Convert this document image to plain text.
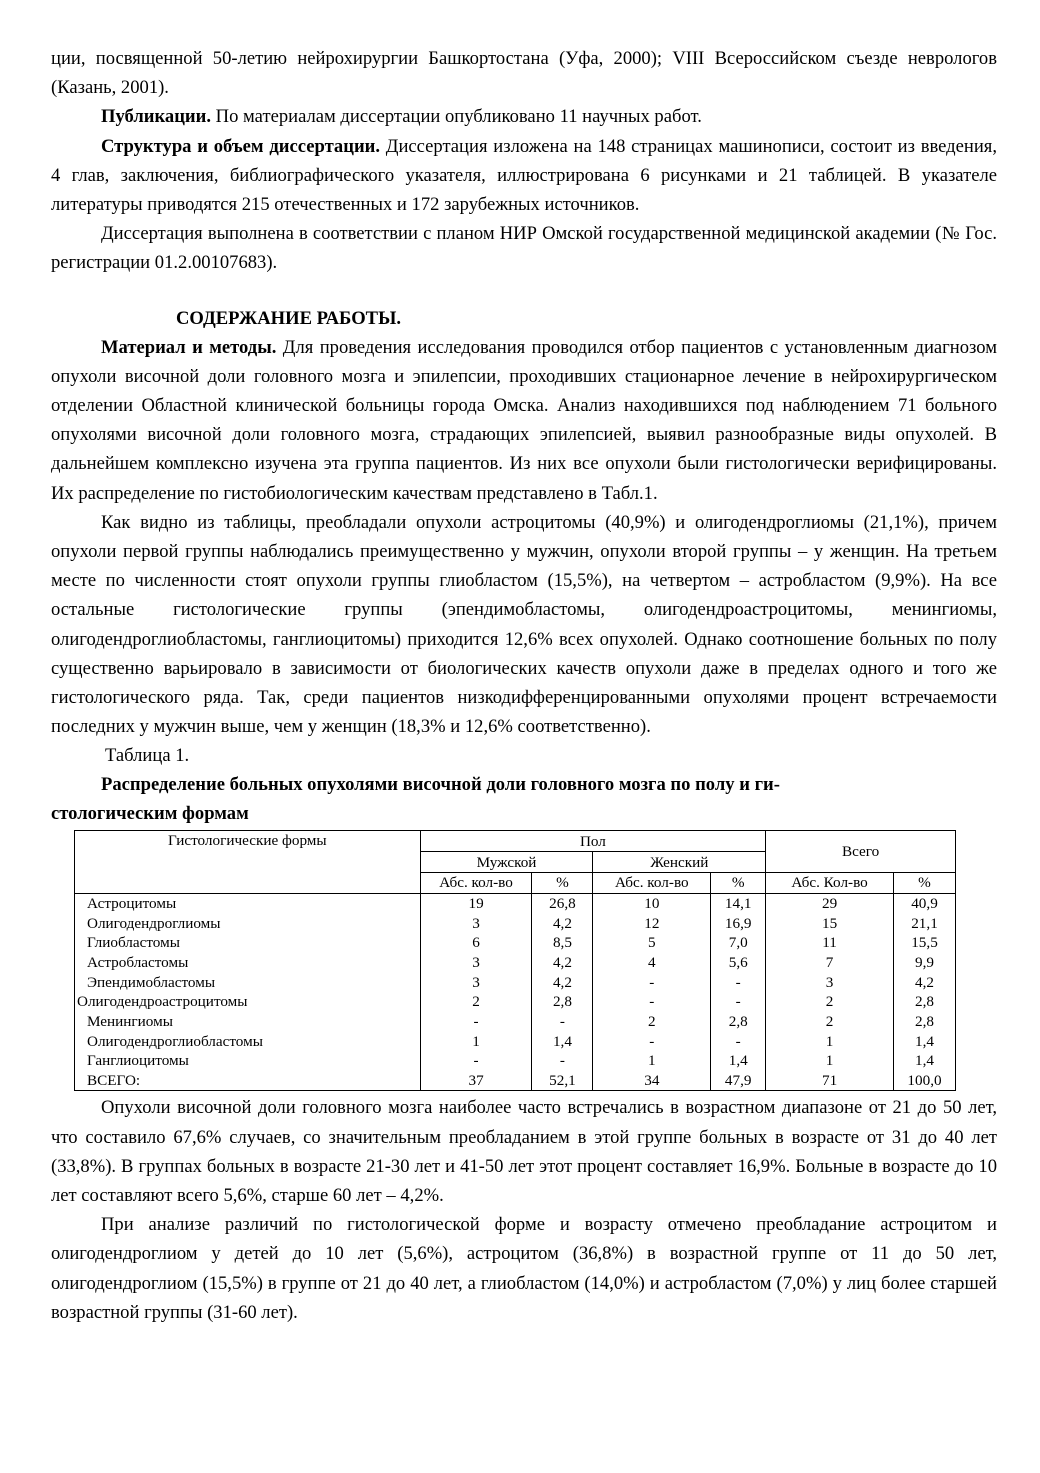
ции, посвященной 50-летию нейрохирургии Башкортостана (Уфа, 2000); VIII Всероссийском съезде неврологов (Казань, 2001).

Публикации. По материалам диссертации опубликовано 11 научных работ.

Структура и объем диссертации. Диссертация изложена на 148 страницах машинописи, состоит из введения, 4 глав, заключения, библиографического указателя, иллюстрирована 6 рисунками и 21 таблицей. В указателе литературы приводятся 215 отечественных и 172 зарубежных источников.

Диссертация выполнена в соответствии с планом НИР Омской государственной медицинской академии (№ Гос. регистрации 01.2.00107683).

СОДЕРЖАНИЕ РАБОТЫ.

Материал и методы. Для проведения исследования проводился отбор пациентов с установленным диагнозом опухоли височной доли головного мозга и эпилепсии, проходивших стационарное лечение в нейрохирургическом отделении Областной клинической больницы города Омска. Анализ находившихся под наблюдением 71 больного опухолями височной доли головного мозга, страдающих эпилепсией, выявил разнообразные виды опухолей. В дальнейшем комплексно изучена эта группа пациентов. Из них все опухоли были гистологически верифицированы. Их распределение по гистобиологическим качествам представлено в Табл.1.

Как видно из таблицы, преобладали опухоли астроцитомы (40,9%) и олигодендроглиомы (21,1%), причем опухоли первой группы наблюдались преимущественно у мужчин, опухоли второй группы – у женщин. На третьем месте по численности стоят опухоли группы глиобластом (15,5%), на четвертом – астробластом (9,9%). На все остальные гистологические группы (эпендимобластомы, олигодендроастроцитомы, менингиомы, олигодендроглиобластомы, ганглиоцитомы) приходится 12,6% всех опухолей. Однако соотношение больных по полу существенно варьировало в зависимости от биологических качеств опухоли даже в пределах одного и того же гистологического ряда. Так, среди пациентов низкодифференцированными опухолями процент встречаемости последних у мужчин выше, чем у женщин (18,3% и 12,6% соответственно).

Таблица 1.

Распределение больных опухолями височной доли головного мозга по полу и ги-
стологическим формам

Гистологические формы	Пол				Всего	
	Мужской		Женский			
	Абс. кол-во	%	Абс. кол-во	%	Абс. Кол-во	%
Астроцитомы	19	26,8	10	14,1	29	40,9
Олигодендроглиомы	3	4,2	12	16,9	15	21,1
Глиобластомы	6	8,5	5	7,0	11	15,5
Астробластомы	3	4,2	4	5,6	7	9,9
Эпендимобластомы	3	4,2	-	-	3	4,2
Олигодендроастроцитомы	2	2,8	-	-	2	2,8
Менингиомы	-	-	2	2,8	2	2,8
Олигодендроглиобластомы	1	1,4	-	-	1	1,4
Ганглиоцитомы	-	-	1	1,4	1	1,4
ВСЕГО:	37	52,1	34	47,9	71	100,0

Опухоли височной доли головного мозга наиболее часто встречались в возрастном диапазоне от 21 до 50 лет, что составило 67,6% случаев, со значительным преобладанием в этой группе больных в возрасте от 31 до 40 лет (33,8%). В группах больных в возрасте 21-30 лет и 41-50 лет этот процент составляет 16,9%. Больные в возрасте до 10 лет составляют всего 5,6%, старше 60 лет – 4,2%.

При анализе различий по гистологической форме и возрасту отмечено преобладание астроцитом и олигодендроглиом у детей до 10 лет (5,6%), астроцитом (36,8%) в возрастной группе от 11 до 50 лет, олигодендроглиом (15,5%) в группе от 21 до 40 лет, а глиобластом (14,0%) и астробластом (7,0%) у лиц более старшей возрастной группы (31-60 лет).
